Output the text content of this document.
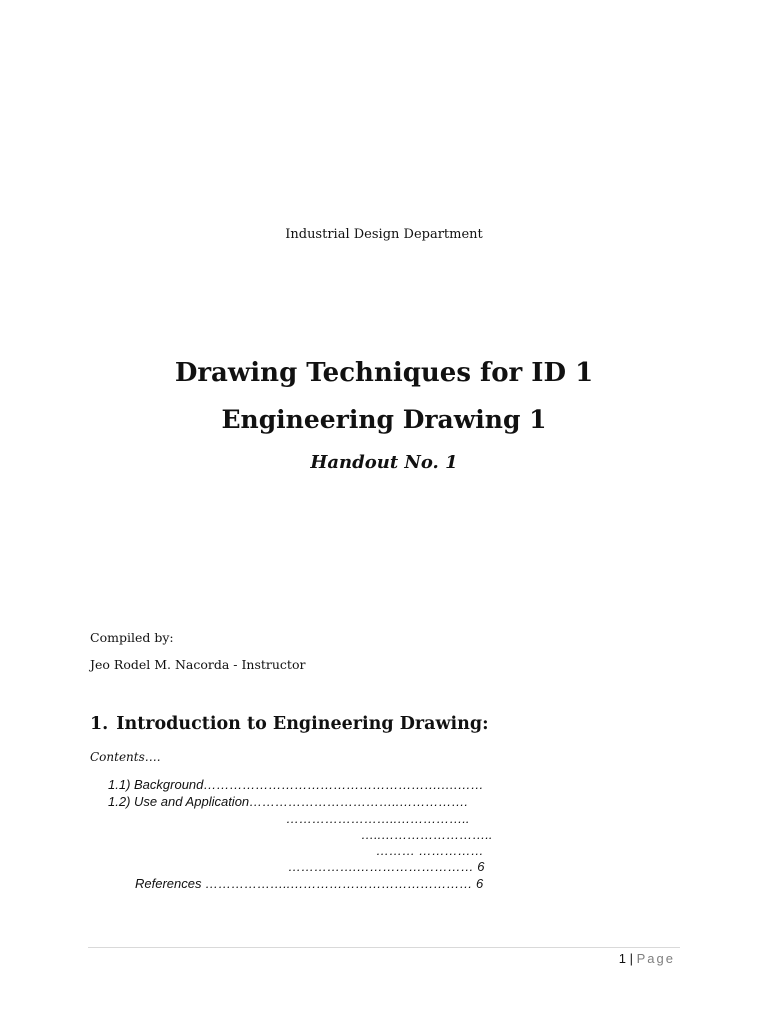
Industrial Design Department
Drawing Techniques for ID 1
Engineering Drawing 1
Handout No. 1
Compiled by:
Jeo Rodel M. Nacorda - Instructor
1. Introduction to Engineering Drawing:
Contents….
1.1) Background……………………………………………….….……
1.2) Use and Application……………………………..…………….
……………………..……………..
…..……………………..
……… ……………
…………….……………………… 6
References ………………..…………………………………… 6
1 | Page
